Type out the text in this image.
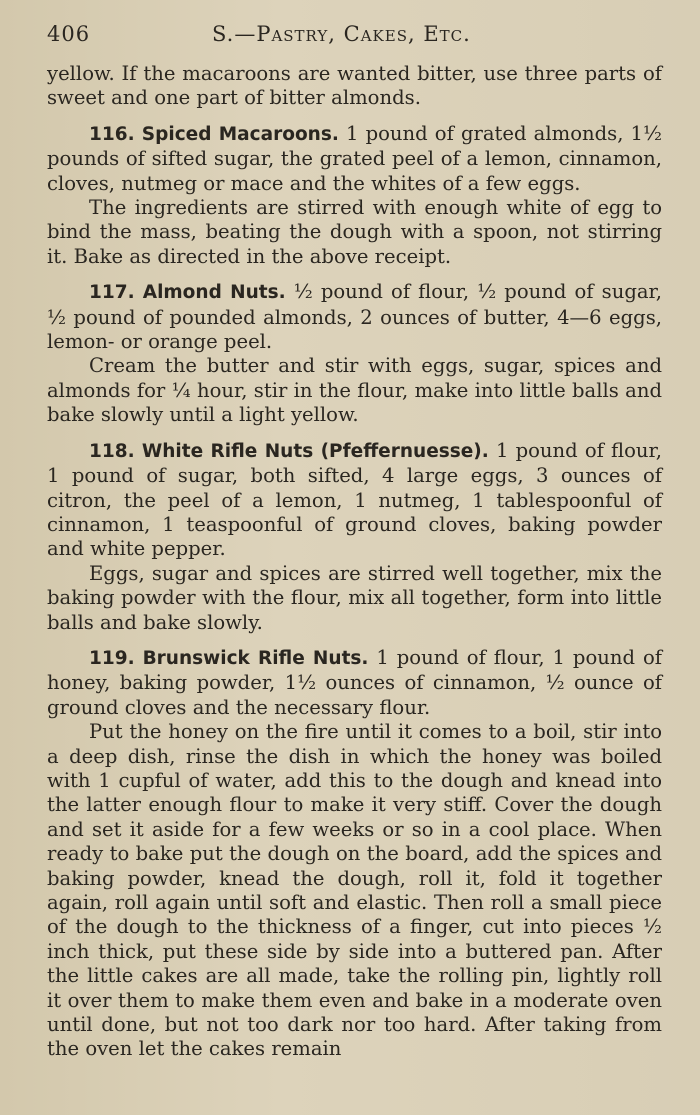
406	S.—Pastry, Cakes, Etc.

yellow. If the macaroons are wanted bitter, use three parts of sweet and one part of bitter almonds.

116. Spiced Macaroons. 1 pound of grated almonds, 1½ pounds of sifted sugar, the grated peel of a lemon, cinnamon, cloves, nutmeg or mace and the whites of a few eggs.

The ingredients are stirred with enough white of egg to bind the mass, beating the dough with a spoon, not stirring it. Bake as directed in the above receipt.

117. Almond Nuts. ½ pound of flour, ½ pound of sugar, ½ pound of pounded almonds, 2 ounces of butter, 4—6 eggs, lemon- or orange peel.

Cream the butter and stir with eggs, sugar, spices and almonds for ¼ hour, stir in the flour, make into little balls and bake slowly until a light yellow.

118. White Rifle Nuts (Pfeffernuesse). 1 pound of flour, 1 pound of sugar, both sifted, 4 large eggs, 3 ounces of citron, the peel of a lemon, 1 nutmeg, 1 tablespoonful of cinnamon, 1 teaspoonful of ground cloves, baking powder and white pepper.

Eggs, sugar and spices are stirred well together, mix the baking powder with the flour, mix all together, form into little balls and bake slowly.

119. Brunswick Rifle Nuts. 1 pound of flour, 1 pound of honey, baking powder, 1½ ounces of cinnamon, ½ ounce of ground cloves and the necessary flour.

Put the honey on the fire until it comes to a boil, stir into a deep dish, rinse the dish in which the honey was boiled with 1 cupful of water, add this to the dough and knead into the latter enough flour to make it very stiff. Cover the dough and set it aside for a few weeks or so in a cool place. When ready to bake put the dough on the board, add the spices and baking powder, knead the dough, roll it, fold it together again, roll again until soft and elastic. Then roll a small piece of the dough to the thickness of a finger, cut into pieces ½ inch thick, put these side by side into a buttered pan. After the little cakes are all made, take the rolling pin, lightly roll it over them to make them even and bake in a moderate oven until done, but not too dark nor too hard. After taking from the oven let the cakes remain
